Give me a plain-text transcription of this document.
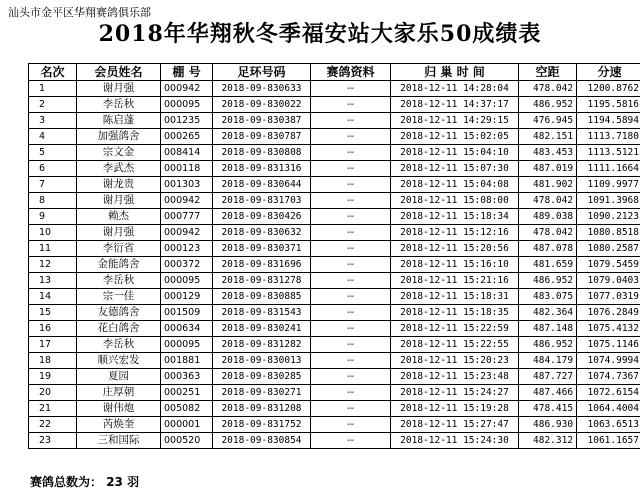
汕头市金平区华翔赛鸽俱乐部
2018年华翔秋冬季福安站大家乐50成绩表
名次	会员姓名	棚 号	足环号码	赛鸽资料	归 巢 时 间	空距	分速
1	谢月强	000942	2018-09-830633	--	2018-12-11 14:28:04	478.042	1200.8762
2	李岳秋	000095	2018-09-830022	--	2018-12-11 14:37:17	486.952	1195.5816
3	陈启蓬	001235	2018-09-830387	--	2018-12-11 14:29:15	476.945	1194.5894
4	加强鸽舍	000265	2018-09-830787	--	2018-12-11 15:02:05	482.151	1113.7180
5	宗文金	008414	2018-09-830808	--	2018-12-11 15:04:10	483.453	1113.5121
6	李武杰	000118	2018-09-831316	--	2018-12-11 15:07:30	487.019	1111.1664
7	谢龙贵	001303	2018-09-830644	--	2018-12-11 15:04:08	481.902	1109.9977
8	谢月强	000942	2018-09-831703	--	2018-12-11 15:08:00	478.042	1091.3968
9	赖杰	000777	2018-09-830426	--	2018-12-11 15:18:34	489.038	1090.2123
10	谢月强	000942	2018-09-830632	--	2018-12-11 15:12:16	478.042	1080.8518
11	李衍省	000123	2018-09-830371	--	2018-12-11 15:20:56	487.078	1080.2587
12	金能鸽舍	000372	2018-09-831696	--	2018-12-11 15:16:10	481.659	1079.5459
13	李岳秋	000095	2018-09-831278	--	2018-12-11 15:21:16	486.952	1079.0403
14	宗一佳	000129	2018-09-830885	--	2018-12-11 15:18:31	483.075	1077.0319
15	友德鸽舍	001509	2018-09-831543	--	2018-12-11 15:18:35	482.364	1076.2849
16	花白鸽舍	000634	2018-09-830241	--	2018-12-11 15:22:59	487.148	1075.4132
17	李岳秋	000095	2018-09-831282	--	2018-12-11 15:22:55	486.952	1075.1146
18	顺兴宏发	001881	2018-09-830013	--	2018-12-11 15:20:23	484.179	1074.9994
19	夏园	000363	2018-09-830285	--	2018-12-11 15:23:48	487.727	1074.7367
20	庄厚朝	000251	2018-09-830271	--	2018-12-11 15:24:27	487.466	1072.6154
21	谢伟炮	005082	2018-09-831208	--	2018-12-11 15:19:28	478.415	1064.4004
22	芮焕奎	000001	2018-09-831752	--	2018-12-11 15:27:47	486.930	1063.6513
23	三和国际	000520	2018-09-830854	--	2018-12-11 15:24:30	482.312	1061.1657
赛鸽总数为： 23 羽
